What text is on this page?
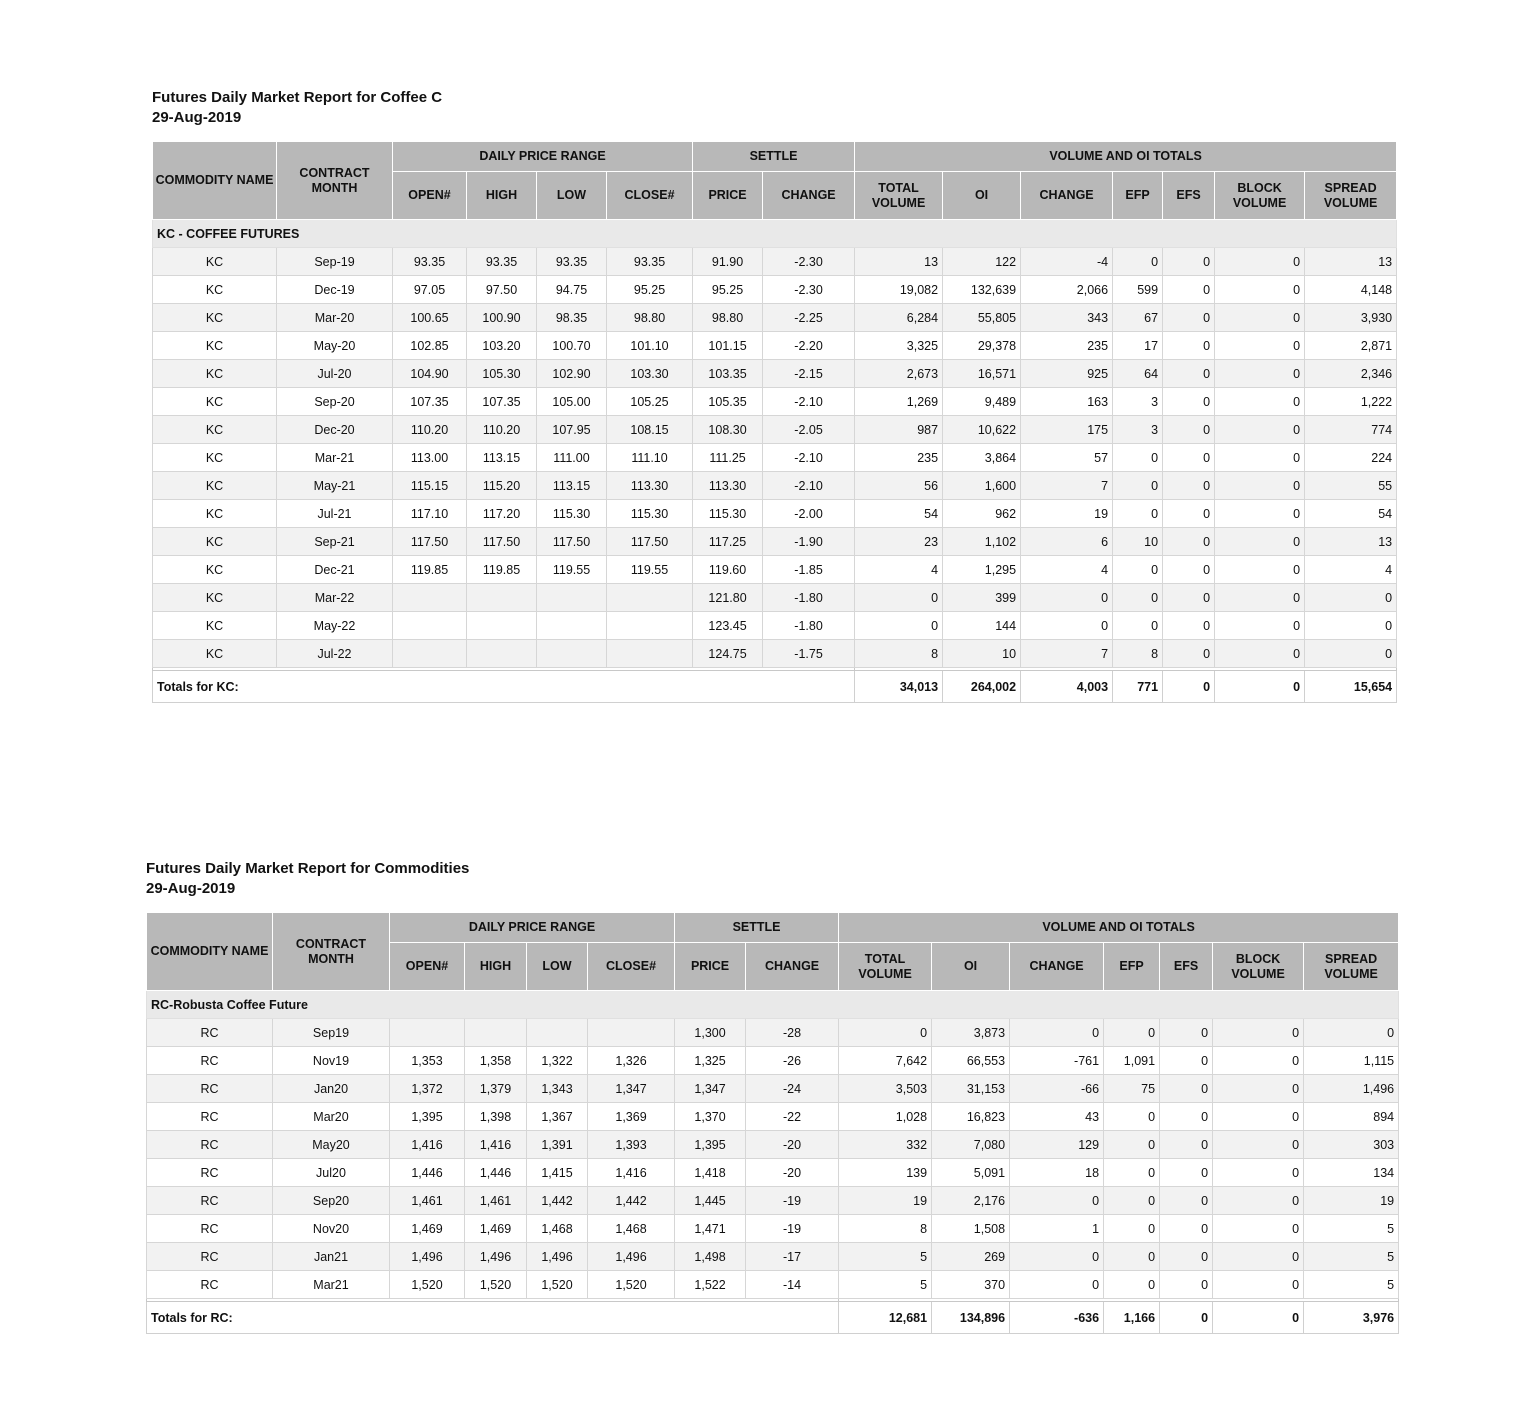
Futures Daily Market Report for Coffee C

29-Aug-2019

COMMODITY NAME	CONTRACT MONTH	DAILY PRICE RANGE				SETTLE		VOLUME AND OI TOTALS						
		OPEN#	HIGH	LOW	CLOSE#	PRICE	CHANGE	TOTAL VOLUME	OI	CHANGE	EFP	EFS	BLOCK VOLUME	SPREAD VOLUME
KC - COFFEE FUTURES														
KC	Sep-19	93.35	93.35	93.35	93.35	91.90	-2.30	13	122	-4	0	0	0	13
KC	Dec-19	97.05	97.50	94.75	95.25	95.25	-2.30	19,082	132,639	2,066	599	0	0	4,148
KC	Mar-20	100.65	100.90	98.35	98.80	98.80	-2.25	6,284	55,805	343	67	0	0	3,930
KC	May-20	102.85	103.20	100.70	101.10	101.15	-2.20	3,325	29,378	235	17	0	0	2,871
KC	Jul-20	104.90	105.30	102.90	103.30	103.35	-2.15	2,673	16,571	925	64	0	0	2,346
KC	Sep-20	107.35	107.35	105.00	105.25	105.35	-2.10	1,269	9,489	163	3	0	0	1,222
KC	Dec-20	110.20	110.20	107.95	108.15	108.30	-2.05	987	10,622	175	3	0	0	774
KC	Mar-21	113.00	113.15	111.00	111.10	111.25	-2.10	235	3,864	57	0	0	0	224
KC	May-21	115.15	115.20	113.15	113.30	113.30	-2.10	56	1,600	7	0	0	0	55
KC	Jul-21	117.10	117.20	115.30	115.30	115.30	-2.00	54	962	19	0	0	0	54
KC	Sep-21	117.50	117.50	117.50	117.50	117.25	-1.90	23	1,102	6	10	0	0	13
KC	Dec-21	119.85	119.85	119.55	119.55	119.60	-1.85	4	1,295	4	0	0	0	4
KC	Mar-22					121.80	-1.80	0	399	0	0	0	0	0
KC	May-22					123.45	-1.80	0	144	0	0	0	0	0
KC	Jul-22					124.75	-1.75	8	10	7	8	0	0	0

Totals for KC:								34,013	264,002	4,003	771	0	0	15,654

Futures Daily Market Report for Commodities

29-Aug-2019

COMMODITY NAME	CONTRACT MONTH	DAILY PRICE RANGE				SETTLE		VOLUME AND OI TOTALS						
		OPEN#	HIGH	LOW	CLOSE#	PRICE	CHANGE	TOTAL VOLUME	OI	CHANGE	EFP	EFS	BLOCK VOLUME	SPREAD VOLUME
RC-Robusta Coffee Future														
RC	Sep19					1,300	-28	0	3,873	0	0	0	0	0
RC	Nov19	1,353	1,358	1,322	1,326	1,325	-26	7,642	66,553	-761	1,091	0	0	1,115
RC	Jan20	1,372	1,379	1,343	1,347	1,347	-24	3,503	31,153	-66	75	0	0	1,496
RC	Mar20	1,395	1,398	1,367	1,369	1,370	-22	1,028	16,823	43	0	0	0	894
RC	May20	1,416	1,416	1,391	1,393	1,395	-20	332	7,080	129	0	0	0	303
RC	Jul20	1,446	1,446	1,415	1,416	1,418	-20	139	5,091	18	0	0	0	134
RC	Sep20	1,461	1,461	1,442	1,442	1,445	-19	19	2,176	0	0	0	0	19
RC	Nov20	1,469	1,469	1,468	1,468	1,471	-19	8	1,508	1	0	0	0	5
RC	Jan21	1,496	1,496	1,496	1,496	1,498	-17	5	269	0	0	0	0	5
RC	Mar21	1,520	1,520	1,520	1,520	1,522	-14	5	370	0	0	0	0	5

Totals for RC:								12,681	134,896	-636	1,166	0	0	3,976
